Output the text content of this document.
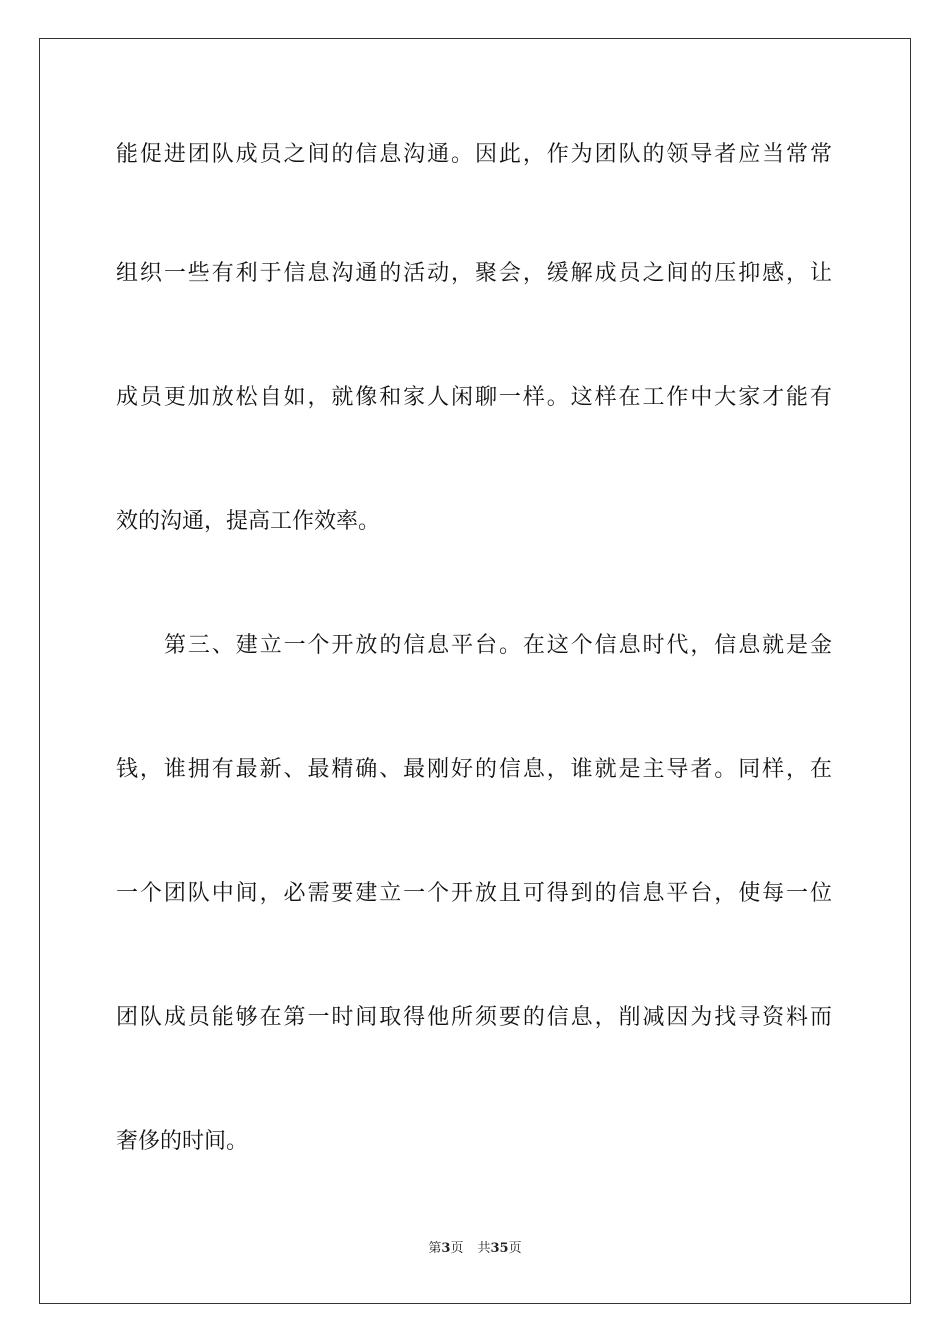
能促进团队成员之间的信息沟通。因此，作为团队的领导者应当常常
组织一些有利于信息沟通的活动，聚会，缓解成员之间的压抑感，让
成员更加放松自如，就像和家人闲聊一样。这样在工作中大家才能有
效的沟通，提高工作效率。
第三、建立一个开放的信息平台。在这个信息时代，信息就是金
钱，谁拥有最新、最精确、最刚好的信息，谁就是主导者。同样，在
一个团队中间，必需要建立一个开放且可得到的信息平台，使每一位
团队成员能够在第一时间取得他所须要的信息，削减因为找寻资料而
奢侈的时间。
第3页 共35页
